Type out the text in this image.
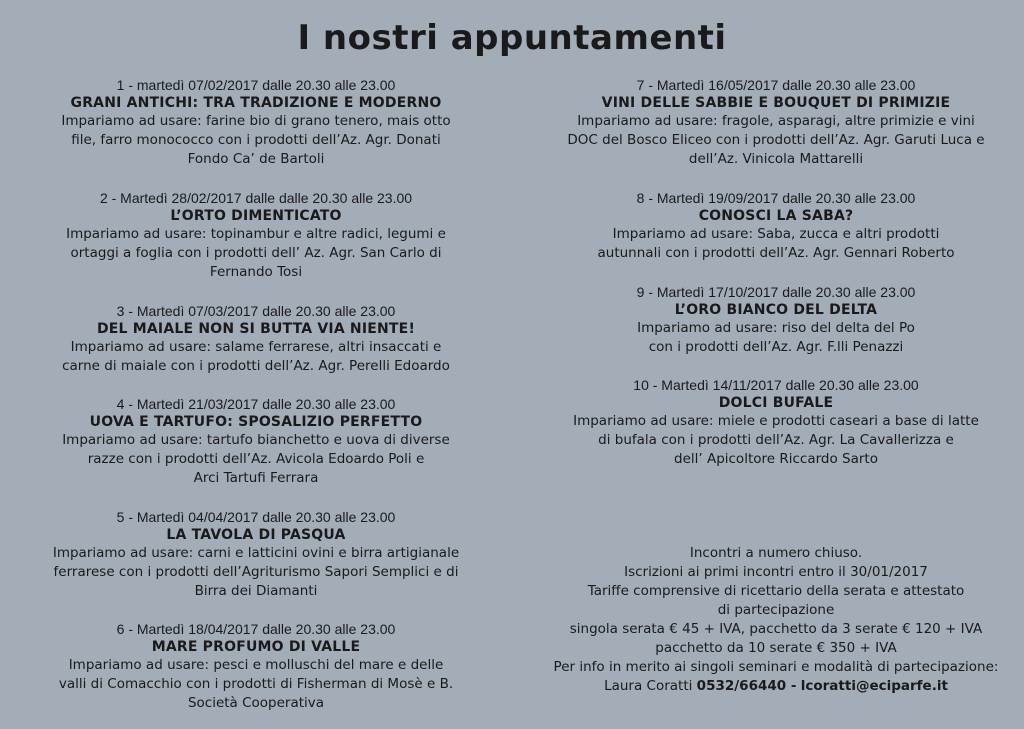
I nostri appuntamenti
1 - martedì 07/02/2017 dalle 20.30 alle 23.00
GRANI ANTICHI: TRA TRADIZIONE E MODERNO
Impariamo ad usare: farine bio di grano tenero, mais otto
file, farro monococco con i prodotti dell’Az. Agr. Donati
Fondo Ca’ de Bartoli
2 - Martedì 28/02/2017 dalle dalle 20.30 alle 23.00
L’ORTO DIMENTICATO
Impariamo ad usare: topinambur e altre radici, legumi e
ortaggi a foglia con i prodotti dell’ Az. Agr. San Carlo di
Fernando Tosi
3 - Martedì 07/03/2017 dalle 20.30 alle 23.00
DEL MAIALE NON SI BUTTA VIA NIENTE!
Impariamo ad usare: salame ferrarese, altri insaccati e
carne di maiale con i prodotti dell’Az. Agr. Perelli Edoardo
4 - Martedì 21/03/2017 dalle 20.30 alle 23.00
UOVA E TARTUFO: SPOSALIZIO PERFETTO
Impariamo ad usare: tartufo bianchetto e uova di diverse
razze con i prodotti dell’Az. Avicola Edoardo Poli e
Arci Tartufi Ferrara
5 - Martedì 04/04/2017 dalle 20.30 alle 23.00
LA TAVOLA DI PASQUA
Impariamo ad usare: carni e latticini ovini e birra artigianale
ferrarese con i prodotti dell’Agriturismo Sapori Semplici e di
Birra dei Diamanti
6 - Martedì 18/04/2017 dalle 20.30 alle 23.00
MARE PROFUMO DI VALLE
Impariamo ad usare: pesci e molluschi del mare e delle
valli di Comacchio con i prodotti di Fisherman di Mosè e B.
Società Cooperativa
7 - Martedì 16/05/2017 dalle 20.30 alle 23.00
VINI DELLE SABBIE E BOUQUET DI PRIMIZIE
Impariamo ad usare: fragole, asparagi, altre primizie e vini
DOC del Bosco Eliceo con i prodotti dell’Az. Agr. Garuti Luca e
dell’Az. Vinicola Mattarelli
8 - Martedì 19/09/2017 dalle 20.30 alle 23.00
CONOSCI LA SABA?
Impariamo ad usare: Saba, zucca e altri prodotti
autunnali con i prodotti dell’Az. Agr. Gennari Roberto
9 - Martedì 17/10/2017 dalle 20.30 alle 23.00
L’ORO BIANCO DEL DELTA
Impariamo ad usare: riso del delta del Po
con i prodotti dell’Az. Agr. F.lli Penazzi
10 - Martedì 14/11/2017 dalle 20.30 alle 23.00
DOLCI BUFALE
Impariamo ad usare: miele e prodotti caseari a base di latte
di bufala con i prodotti dell’Az. Agr. La Cavallerizza e
dell’ Apicoltore Riccardo Sarto
Incontri a numero chiuso.
Iscrizioni ai primi incontri entro il 30/01/2017
Tariffe comprensive di ricettario della serata e attestato
di partecipazione
singola serata € 45 + IVA, pacchetto da 3 serate € 120 + IVA
pacchetto da 10 serate € 350 + IVA
Per info in merito ai singoli seminari e modalità di partecipazione:
Laura Coratti 0532/66440 - lcoratti@eciparfe.it
